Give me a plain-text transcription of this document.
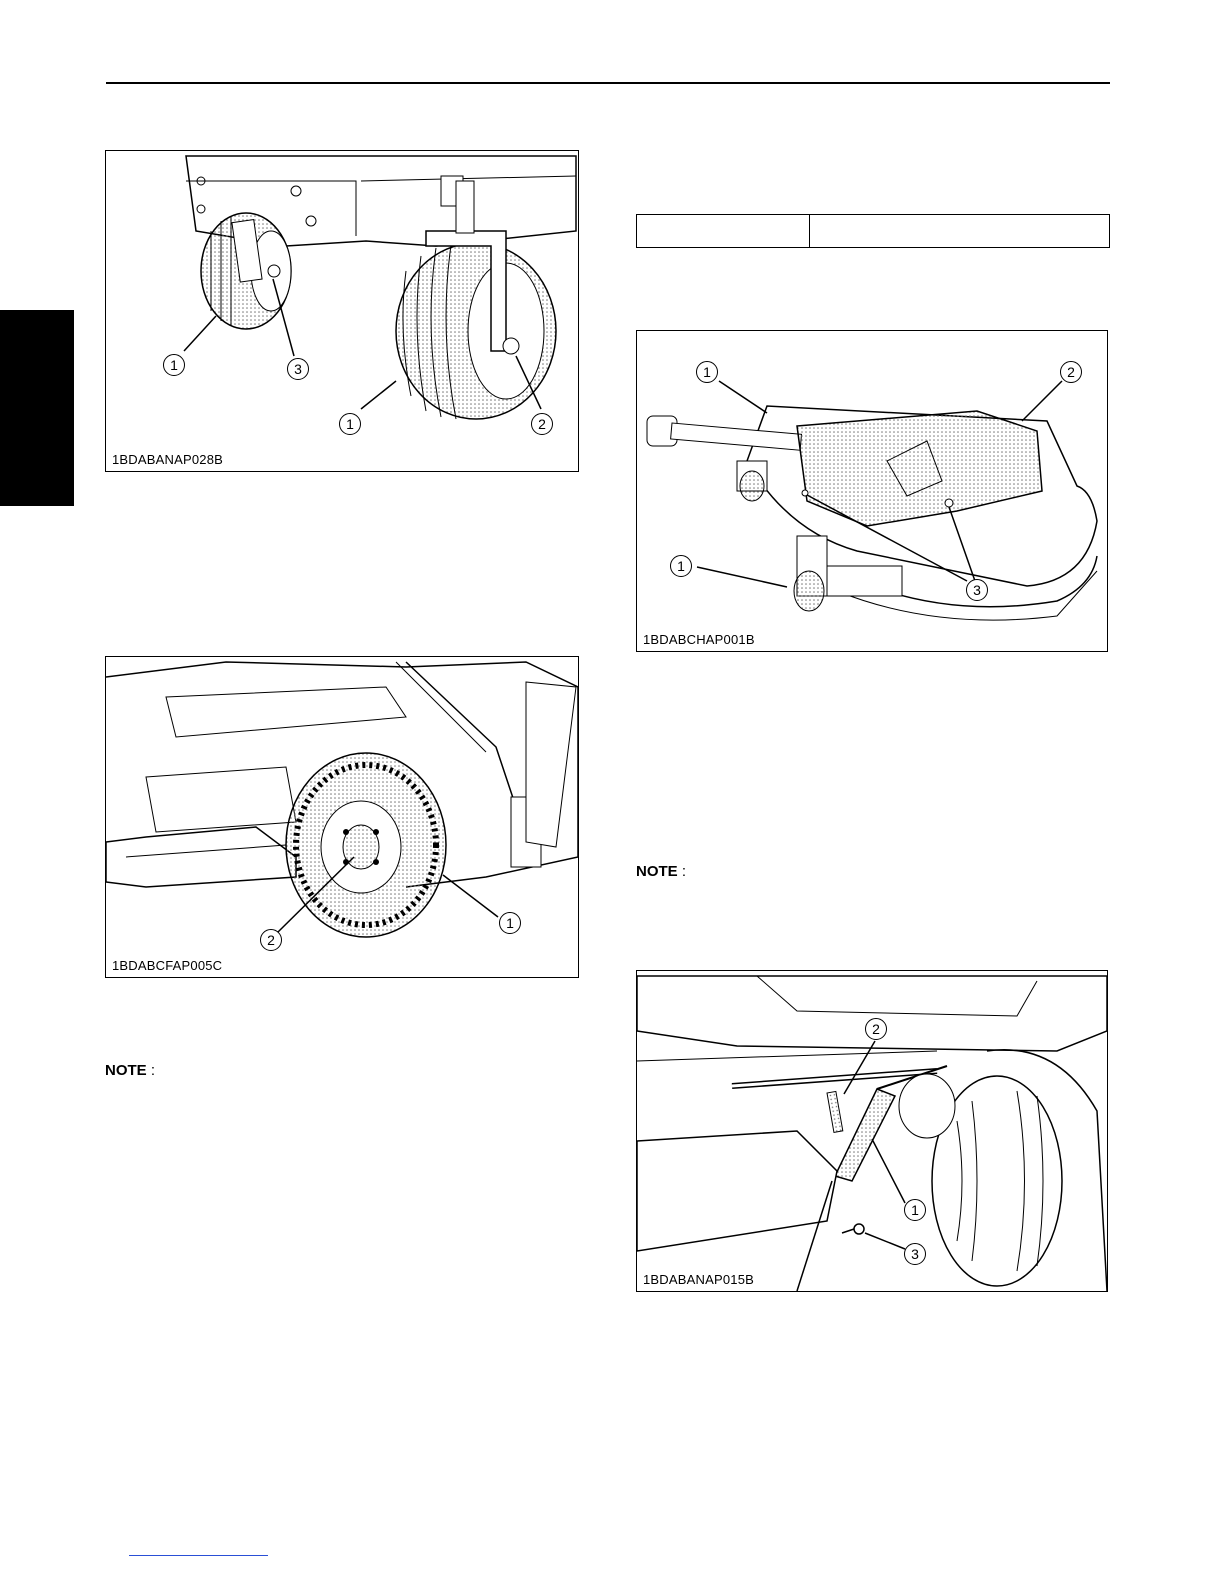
1	3
1	2
1BDABANAP028B
2
1
1BDABCFAP005C

1	2
1
3
1BDABCHAP001B
2
1
3
1BDABANAP015B
NOTE :
NOTE :
